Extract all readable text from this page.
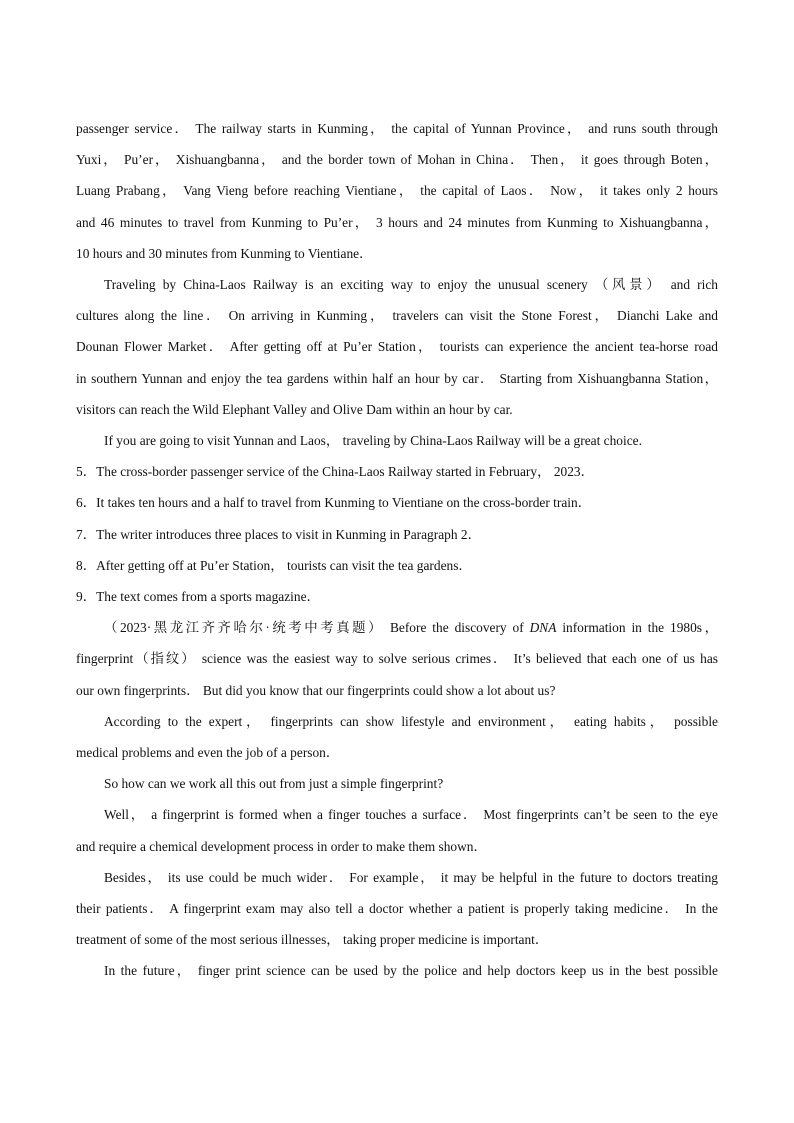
passenger service． The railway starts in Kunming， the capital of Yunnan Province， and runs south through
Yuxi， Pu’er， Xishuangbanna， and the border town of Mohan in China． Then， it goes through Boten，
Luang Prabang， Vang Vieng before reaching Vientiane， the capital of Laos． Now， it takes only 2 hours
and 46 minutes to travel from Kunming to Pu’er， 3 hours and 24 minutes from Kunming to Xishuangbanna，
10 hours and 30 minutes from Kunming to Vientiane．
Traveling by China-Laos Railway is an exciting way to enjoy the unusual scenery （风景） and rich
cultures along the line． On arriving in Kunming， travelers can visit the Stone Forest， Dianchi Lake and
Dounan Flower Market． After getting off at Pu’er Station， tourists can experience the ancient tea-horse road
in southern Yunnan and enjoy the tea gardens within half an hour by car． Starting from Xishuangbanna Station，
visitors can reach the Wild Elephant Valley and Olive Dam within an hour by car.
If you are going to visit Yunnan and Laos， traveling by China-Laos Railway will be a great choice.
5．The cross-border passenger service of the China-Laos Railway started in February， 2023．
6．It takes ten hours and a half to travel from Kunming to Vientiane on the cross-border train．
7．The writer introduces three places to visit in Kunming in Paragraph 2．
8．After getting off at Pu’er Station， tourists can visit the tea gardens．
9．The text comes from a sports magazine．
（2023·黑龙江齐齐哈尔·统考中考真题） Before the discovery of DNA information in the 1980s，
fingerprint（指纹） science was the easiest way to solve serious crimes． It’s believed that each one of us has
our own fingerprints． But did you know that our fingerprints could show a lot about us?
According to the expert， fingerprints can show lifestyle and environment， eating habits， possible
medical problems and even the job of a person．
So how can we work all this out from just a simple fingerprint?
Well， a fingerprint is formed when a finger touches a surface． Most fingerprints can’t be seen to the eye
and require a chemical development process in order to make them shown．
Besides， its use could be much wider． For example， it may be helpful in the future to doctors treating
their patients． A fingerprint exam may also tell a doctor whether a patient is properly taking medicine． In the
treatment of some of the most serious illnesses， taking proper medicine is important．
In the future， finger print science can be used by the police and help doctors keep us in the best possible
